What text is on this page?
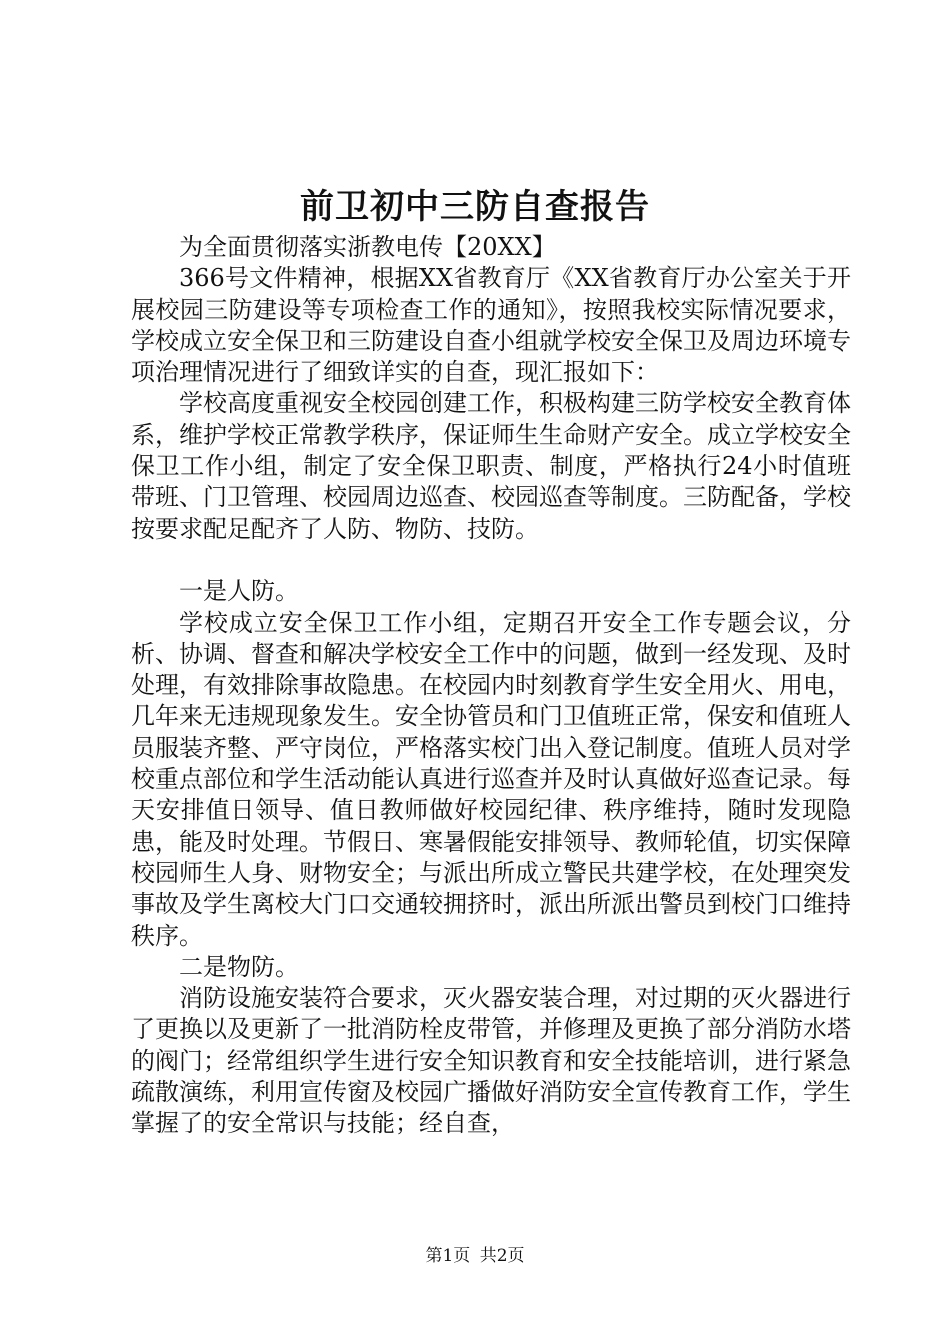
前卫初中三防自查报告

为全面贯彻落实浙教电传【20XX】

366号文件精神，根据XX省教育厅《XX省教育厅办公室关于开展校园三防建设等专项检查工作的通知》，按照我校实际情况要求，学校成立安全保卫和三防建设自查小组就学校安全保卫及周边环境专项治理情况进行了细致详实的自查，现汇报如下：

学校高度重视安全校园创建工作，积极构建三防学校安全教育体系，维护学校正常教学秩序，保证师生生命财产安全。成立学校安全保卫工作小组，制定了安全保卫职责、制度，严格执行24小时值班带班、门卫管理、校园周边巡查、校园巡查等制度。三防配备，学校按要求配足配齐了人防、物防、技防。

一是人防。

学校成立安全保卫工作小组，定期召开安全工作专题会议，分析、协调、督查和解决学校安全工作中的问题，做到一经发现、及时处理，有效排除事故隐患。在校园内时刻教育学生安全用火、用电，几年来无违规现象发生。安全协管员和门卫值班正常，保安和值班人员服装齐整、严守岗位，严格落实校门出入登记制度。值班人员对学校重点部位和学生活动能认真进行巡查并及时认真做好巡查记录。每天安排值日领导、值日教师做好校园纪律、秩序维持，随时发现隐患，能及时处理。节假日、寒暑假能安排领导、教师轮值，切实保障校园师生人身、财物安全；与派出所成立警民共建学校，在处理突发事故及学生离校大门口交通较拥挤时，派出所派出警员到校门口维持秩序。

二是物防。

消防设施安装符合要求，灭火器安装合理，对过期的灭火器进行了更换以及更新了一批消防栓皮带管，并修理及更换了部分消防水塔的阀门；经常组织学生进行安全知识教育和安全技能培训，进行紧急疏散演练，利用宣传窗及校园广播做好消防安全宣传教育工作，学生掌握了的安全常识与技能；经自查，

第1页 共2页
